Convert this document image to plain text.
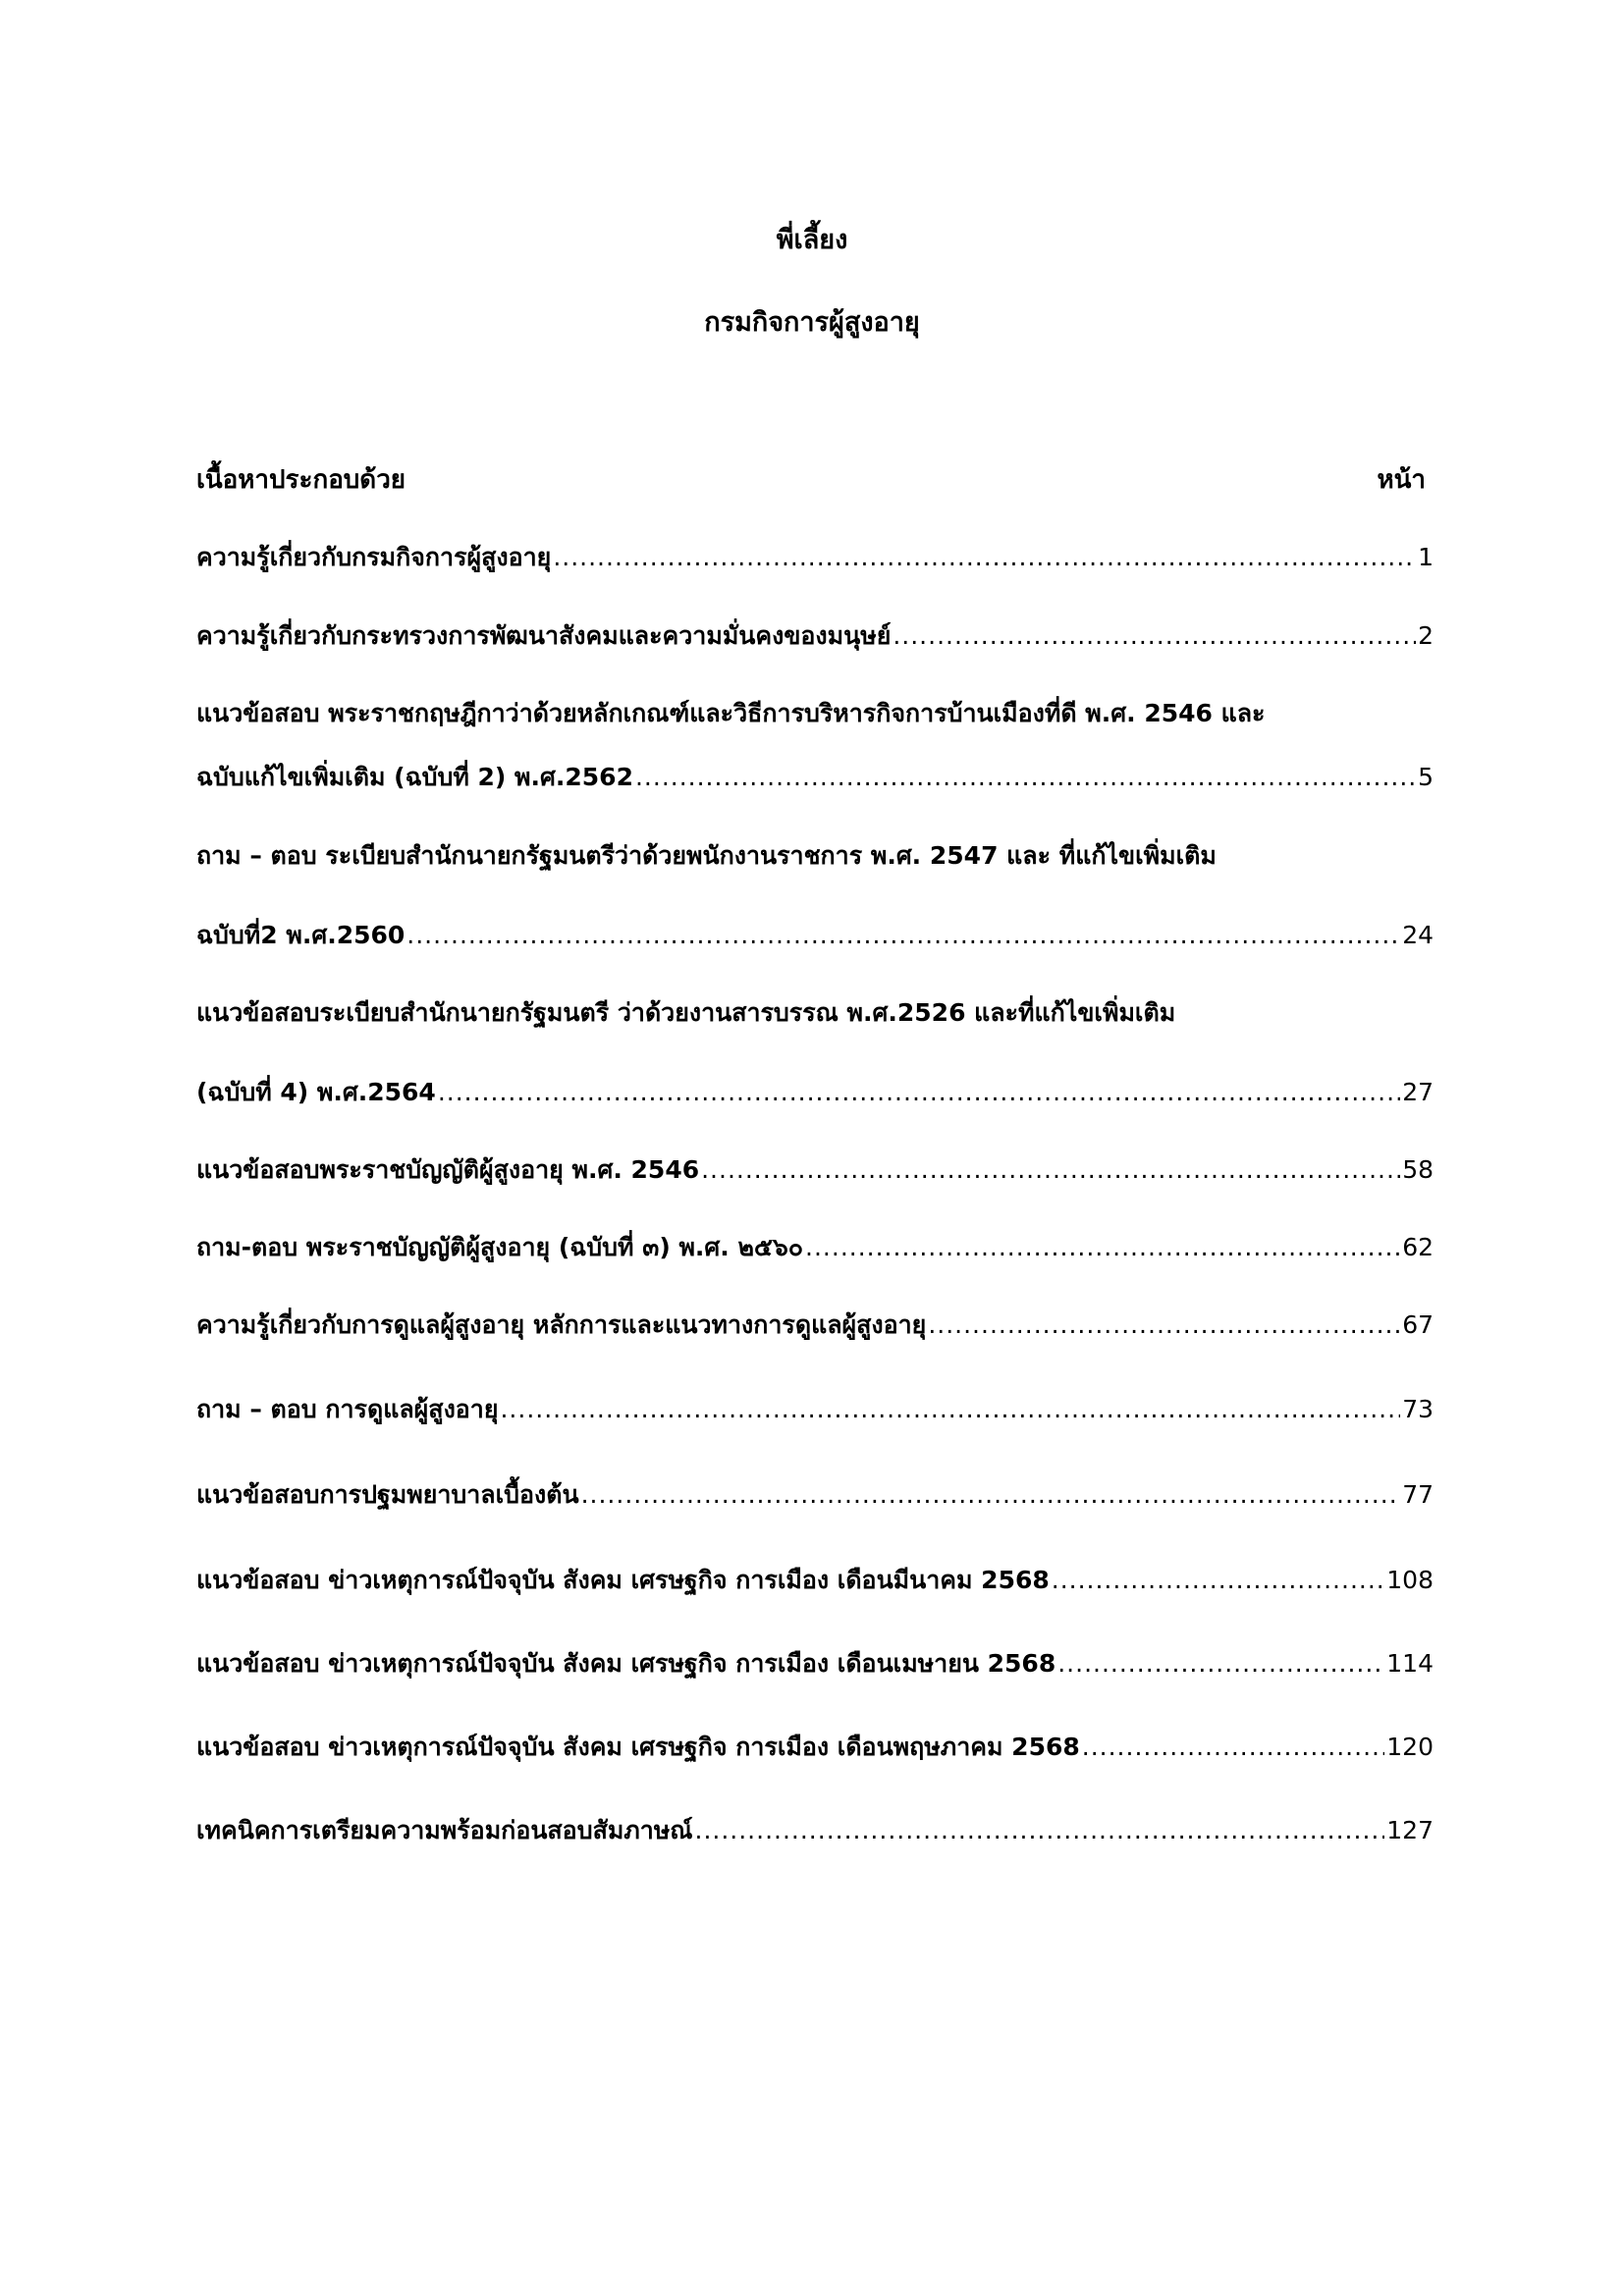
พี่เลี้ยง
กรมกิจการผู้สูงอายุ
เนื้อหาประกอบด้วย	หน้า
ความรู้เกี่ยวกับกรมกิจการผู้สูงอายุ .....	1
ความรู้เกี่ยวกับกระทรวงการพัฒนาสังคมและความมั่นคงของมนุษย์ .....	2
แนวข้อสอบ พระราชกฤษฎีกาว่าด้วยหลักเกณฑ์และวิธีการบริหารกิจการบ้านเมืองที่ดี พ.ศ. 2546 และ
ฉบับแก้ไขเพิ่มเติม (ฉบับที่ 2) พ.ศ.2562 .....	5
ถาม – ตอบ ระเบียบสำนักนายกรัฐมนตรีว่าด้วยพนักงานราชการ พ.ศ. 2547 และ ที่แก้ไขเพิ่มเติม
ฉบับที่2 พ.ศ.2560 .....	24
แนวข้อสอบระเบียบสำนักนายกรัฐมนตรี ว่าด้วยงานสารบรรณ พ.ศ.2526 และที่แก้ไขเพิ่มเติม
(ฉบับที่ 4) พ.ศ.2564 .....	27
แนวข้อสอบพระราชบัญญัติผู้สูงอายุ พ.ศ. 2546 .....	58
ถาม-ตอบ พระราชบัญญัติผู้สูงอายุ (ฉบับที่ ๓) พ.ศ. ๒๕๖๐ .....	62
ความรู้เกี่ยวกับการดูแลผู้สูงอายุ หลักการและแนวทางการดูแลผู้สูงอายุ .....	67
ถาม – ตอบ การดูแลผู้สูงอายุ .....	73
แนวข้อสอบการปฐมพยาบาลเบื้องต้น .....	77
แนวข้อสอบ ข่าวเหตุการณ์ปัจจุบัน สังคม เศรษฐกิจ การเมือง เดือนมีนาคม 2568 .....	108
แนวข้อสอบ ข่าวเหตุการณ์ปัจจุบัน สังคม เศรษฐกิจ การเมือง เดือนเมษายน 2568 .....	114
แนวข้อสอบ ข่าวเหตุการณ์ปัจจุบัน สังคม เศรษฐกิจ การเมือง เดือนพฤษภาคม 2568 .....	120
เทคนิคการเตรียมความพร้อมก่อนสอบสัมภาษณ์ .....	127
